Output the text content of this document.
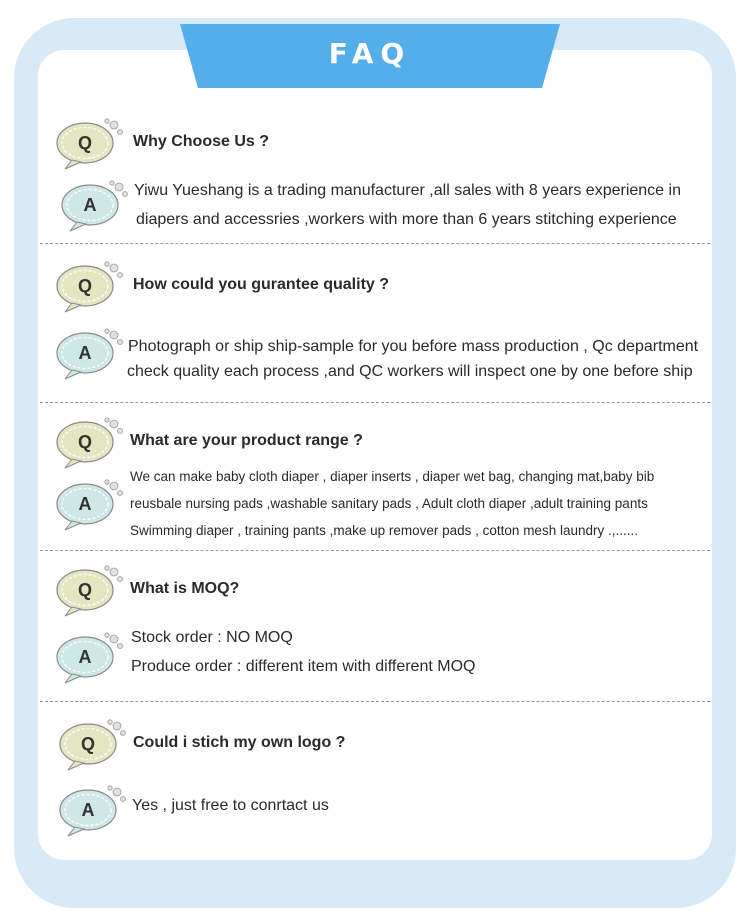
FAQ
Q	Why Choose Us ?
A
Yiwu Yueshang is a trading manufacturer ,all sales with 8 years experience in
diapers and accessries ,workers with more than 6 years stitching experience
Q	How could you gurantee quality ?
A Photograph or ship ship-sample for you before mass production , Qc department
check quality each process ,and QC workers will inspect one by one before ship
Q What are your product range ?
A
We can make baby cloth diaper , diaper inserts , diaper wet bag, changing mat,baby bib
reusbale nursing pads ,washable sanitary pads , Adult cloth diaper ,adult training pants
Swimming diaper , training pants ,make up remover pads , cotton mesh laundry .,......
Q What is MOQ?
A
Stock order : NO MOQ
Produce order : different item with different MOQ
Q Could i stich my own logo ?
A Yes , just free to conrtact us
